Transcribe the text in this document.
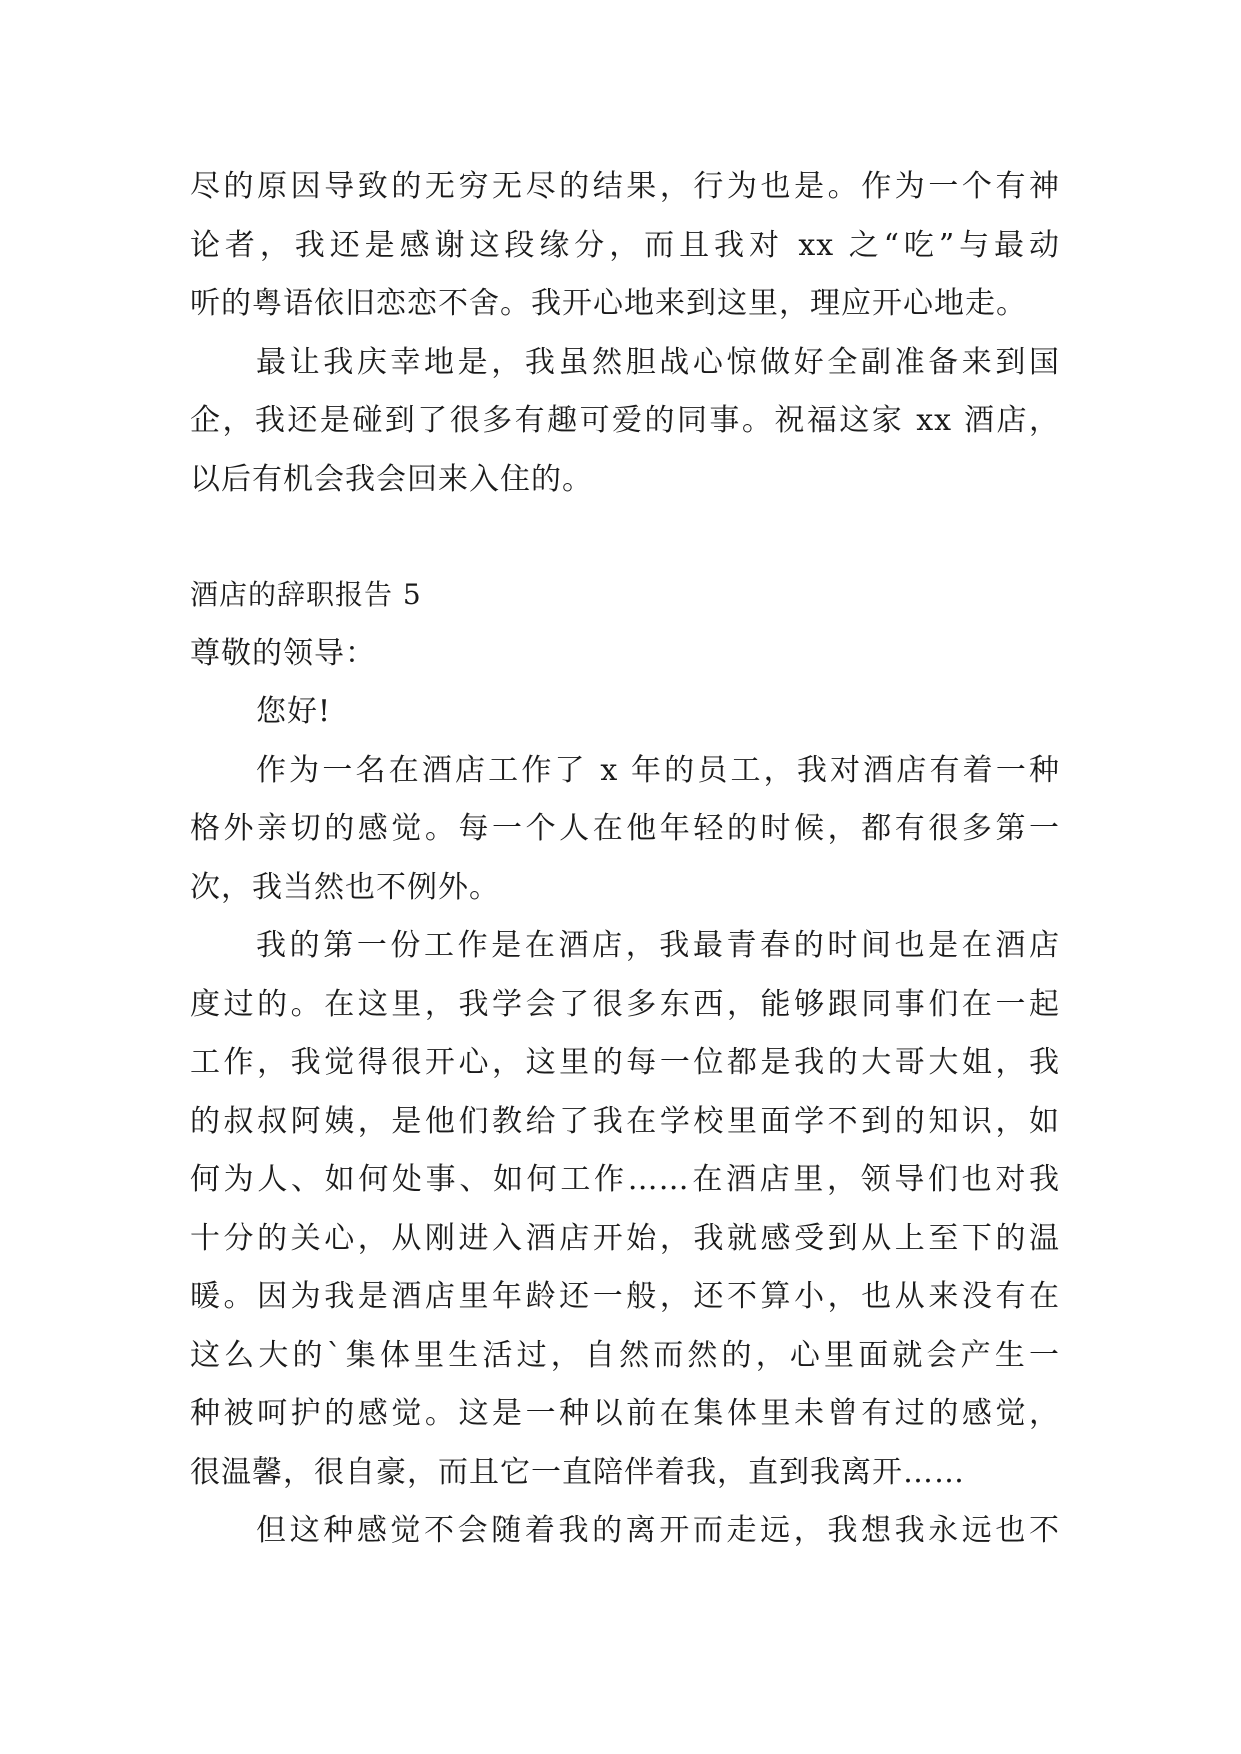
尽的原因导致的无穷无尽的结果，行为也是。作为一个有神
论者，我还是感谢这段缘分，而且我对 xx 之“吃”与最动
听的粤语依旧恋恋不舍。我开心地来到这里，理应开心地走。
最让我庆幸地是，我虽然胆战心惊做好全副准备来到国
企，我还是碰到了很多有趣可爱的同事。祝福这家 xx 酒店，
以后有机会我会回来入住的。
酒店的辞职报告 5
尊敬的领导：
您好!
作为一名在酒店工作了 x 年的员工，我对酒店有着一种
格外亲切的感觉。每一个人在他年轻的时候，都有很多第一
次，我当然也不例外。
我的第一份工作是在酒店，我最青春的时间也是在酒店
度过的。在这里，我学会了很多东西，能够跟同事们在一起
工作，我觉得很开心，这里的每一位都是我的大哥大姐，我
的叔叔阿姨，是他们教给了我在学校里面学不到的知识，如
何为人、如何处事、如何工作……在酒店里，领导们也对我
十分的关心，从刚进入酒店开始，我就感受到从上至下的温
暖。因为我是酒店里年龄还一般，还不算小，也从来没有在
这么大的`集体里生活过，自然而然的，心里面就会产生一
种被呵护的感觉。这是一种以前在集体里未曾有过的感觉，
很温馨，很自豪，而且它一直陪伴着我，直到我离开……
但这种感觉不会随着我的离开而走远，我想我永远也不
